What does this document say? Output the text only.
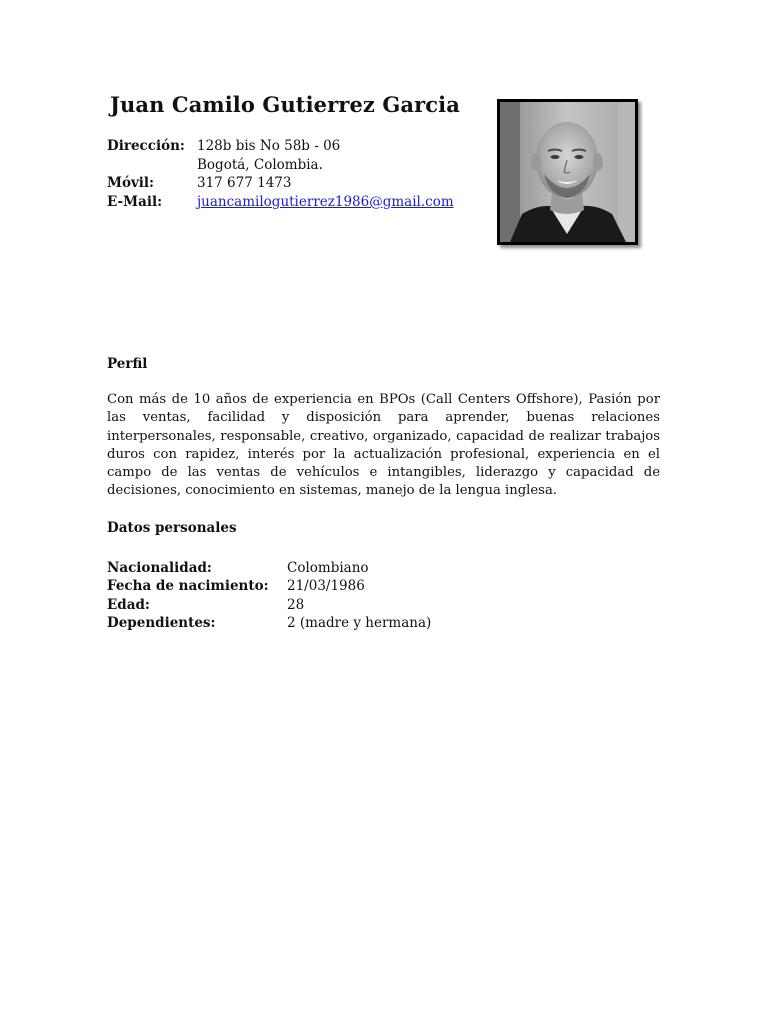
Juan Camilo Gutierrez Garcia
Dirección: 128b bis No 58b - 06
Bogotá, Colombia.
Móvil:	317 677 1473
E-Mail:	juancamilogutierrez1986@gmail.com
Perfil
Con más de 10 años de experiencia en BPOs (Call Centers Offshore), Pasión por las ventas, facilidad y disposición para aprender, buenas relaciones interpersonales, responsable, creativo, organizado, capacidad de realizar trabajos duros con rapidez, interés por la actualización profesional, experiencia en el campo de las ventas de vehículos e intangibles, liderazgo y capacidad de decisiones, conocimiento en sistemas, manejo de la lengua inglesa.
Datos personales
Nacionalidad:	Colombiano
Fecha de nacimiento:	21/03/1986
Edad:	28
Dependientes:	2 (madre y hermana)
